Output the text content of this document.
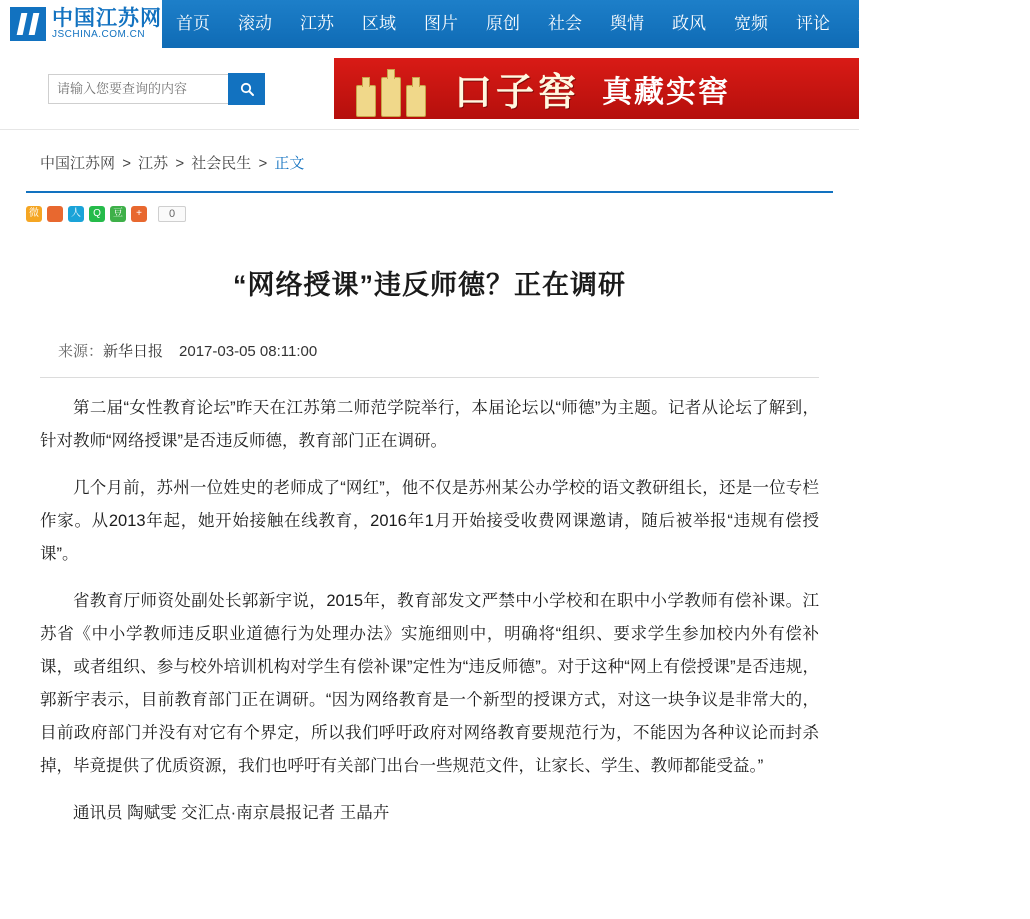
中国江苏网
JSCHINA.COM.CN
首页	滚动	江苏	区域	图片	原创	社会	舆情	政风	宽频	评论	文化	娱乐	生活
请输入您要查询的内容
口子窖 真藏实窖
中国江苏网 > 江苏 > 社会民生 > 正文
微	人	Q	豆	+	0
“网络授课”违反师德？正在调研
来源：新华日报 2017-03-05 08:11:00

第二届“女性教育论坛”昨天在江苏第二师范学院举行，本届论坛以“师德”为主题。记者从论坛了解到，针对教师“网络授课”是否违反师德，教育部门正在调研。

几个月前，苏州一位姓史的老师成了“网红”，他不仅是苏州某公办学校的语文教研组长，还是一位专栏作家。从2013年起，她开始接触在线教育，2016年1月开始接受收费网课邀请，随后被举报“违规有偿授课”。

省教育厅师资处副处长郭新宇说，2015年，教育部发文严禁中小学校和在职中小学教师有偿补课。江苏省《中小学教师违反职业道德行为处理办法》实施细则中，明确将“组织、要求学生参加校内外有偿补课，或者组织、参与校外培训机构对学生有偿补课”定性为“违反师德”。对于这种“网上有偿授课”是否违规，郭新宇表示，目前教育部门正在调研。“因为网络教育是一个新型的授课方式，对这一块争议是非常大的，目前政府部门并没有对它有个界定，所以我们呼吁政府对网络教育要规范行为，不能因为各种议论而封杀掉，毕竟提供了优质资源，我们也呼吁有关部门出台一些规范文件，让家长、学生、教师都能受益。”

通讯员 陶赋雯 交汇点·南京晨报记者 王晶卉
